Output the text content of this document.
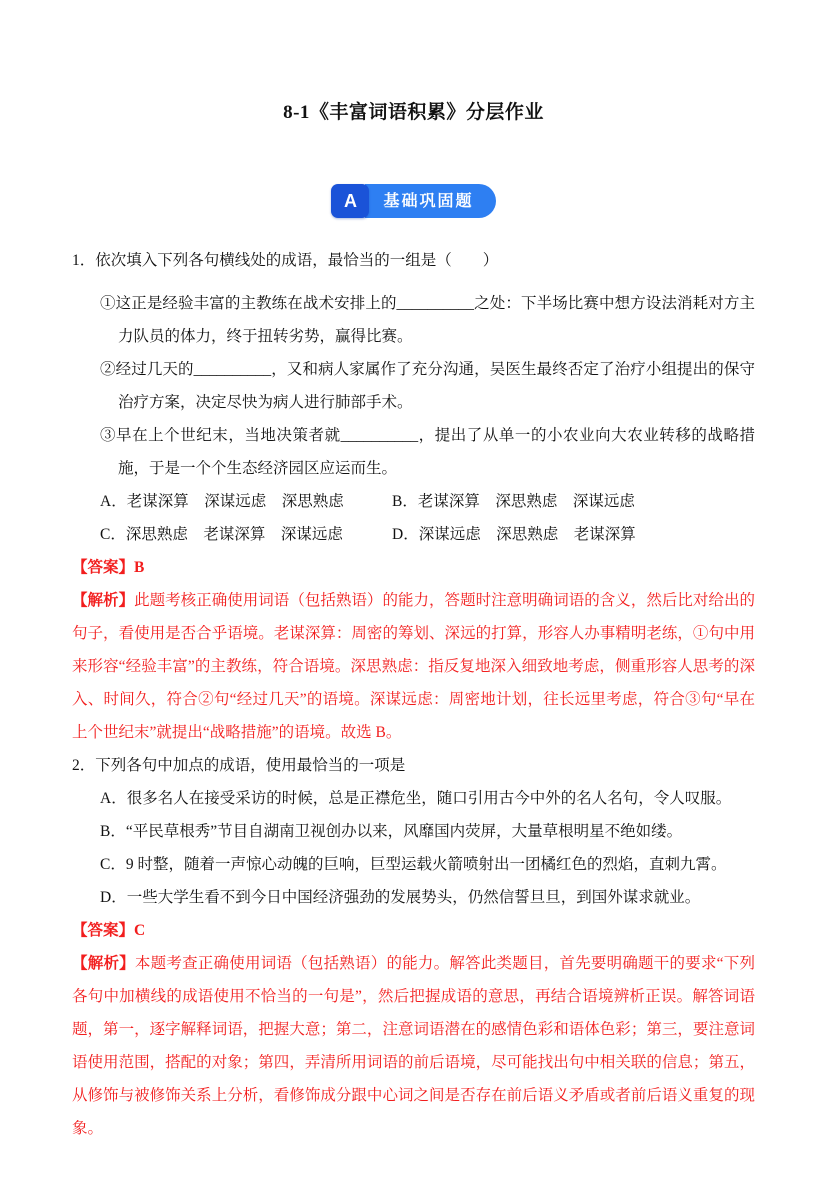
8-1《丰富词语积累》分层作业
A	基础巩固题

1．依次填入下列各句横线处的成语，最恰当的一组是（　　）

①这正是经验丰富的主教练在战术安排上的__________之处：下半场比赛中想方设法消耗对方主力队员的体力，终于扭转劣势，赢得比赛。

②经过几天的__________，又和病人家属作了充分沟通，吴医生最终否定了治疗小组提出的保守治疗方案，决定尽快为病人进行肺部手术。

③早在上个世纪末，当地决策者就__________，提出了从单一的小农业向大农业转移的战略措施，于是一个个生态经济园区应运而生。

A．老谋深算　深谋远虑　深思熟虑	B．老谋深算　深思熟虑　深谋远虑
C．深思熟虑　老谋深算　深谋远虑	D．深谋远虑　深思熟虑　老谋深算

【答案】B

【解析】此题考核正确使用词语（包括熟语）的能力，答题时注意明确词语的含义，然后比对给出的句子，看使用是否合乎语境。老谋深算：周密的筹划、深远的打算，形容人办事精明老练，①句中用来形容“经验丰富”的主教练，符合语境。深思熟虑：指反复地深入细致地考虑，侧重形容人思考的深入、时间久，符合②句“经过几天”的语境。深谋远虑：周密地计划，往长远里考虑，符合③句“早在上个世纪末”就提出“战略措施”的语境。故选 B。

2．下列各句中加点的成语，使用最恰当的一项是

A．很多名人在接受采访的时候，总是正襟危坐，随口引用古今中外的名人名句，令人叹服。

B．“平民草根秀”节目自湖南卫视创办以来，风靡国内荧屏，大量草根明星不绝如缕。

C．9 时整，随着一声惊心动魄的巨响，巨型运载火箭喷射出一团橘红色的烈焰，直刺九霄。

D．一些大学生看不到今日中国经济强劲的发展势头，仍然信誓旦旦，到国外谋求就业。

【答案】C

【解析】本题考查正确使用词语（包括熟语）的能力。解答此类题目，首先要明确题干的要求“下列各句中加横线的成语使用不恰当的一句是”，然后把握成语的意思，再结合语境辨析正误。解答词语题，第一，逐字解释词语，把握大意；第二，注意词语潜在的感情色彩和语体色彩；第三，要注意词语使用范围，搭配的对象；第四，弄清所用词语的前后语境，尽可能找出句中相关联的信息；第五，从修饰与被修饰关系上分析，看修饰成分跟中心词之间是否存在前后语义矛盾或者前后语义重复的现象。
